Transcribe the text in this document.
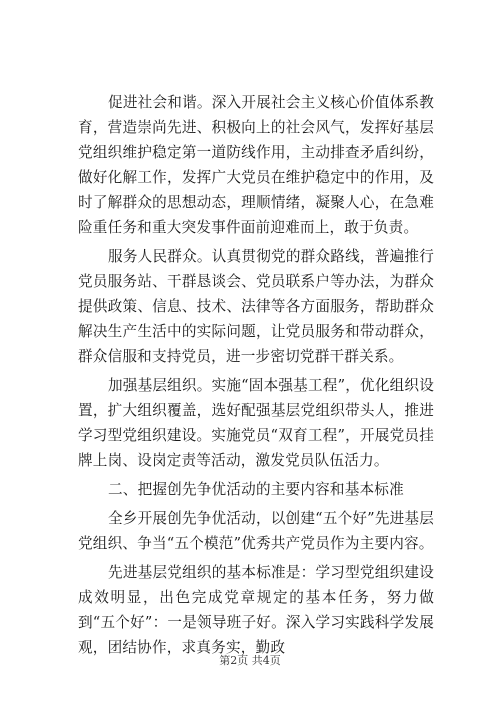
促进社会和谐。深入开展社会主义核心价值体系教育，营造崇尚先进、积极向上的社会风气，发挥好基层党组织维护稳定第一道防线作用，主动排查矛盾纠纷，做好化解工作，发挥广大党员在维护稳定中的作用，及时了解群众的思想动态，理顺情绪，凝聚人心，在急难险重任务和重大突发事件面前迎难而上，敢于负责。

服务人民群众。认真贯彻党的群众路线，普遍推行党员服务站、干群恳谈会、党员联系户等办法，为群众提供政策、信息、技术、法律等各方面服务，帮助群众解决生产生活中的实际问题，让党员服务和带动群众，群众信服和支持党员，进一步密切党群干群关系。

加强基层组织。实施“固本强基工程”，优化组织设置，扩大组织覆盖，选好配强基层党组织带头人，推进学习型党组织建设。实施党员“双育工程”，开展党员挂牌上岗、设岗定责等活动，激发党员队伍活力。

二、把握创先争优活动的主要内容和基本标准

全乡开展创先争优活动，以创建“五个好”先进基层党组织、争当“五个模范”优秀共产党员作为主要内容。

先进基层党组织的基本标准是：学习型党组织建设成效明显，出色完成党章规定的基本任务，努力做到“五个好”：一是领导班子好。深入学习实践科学发展观，团结协作，求真务实，勤政

第2页 共4页
